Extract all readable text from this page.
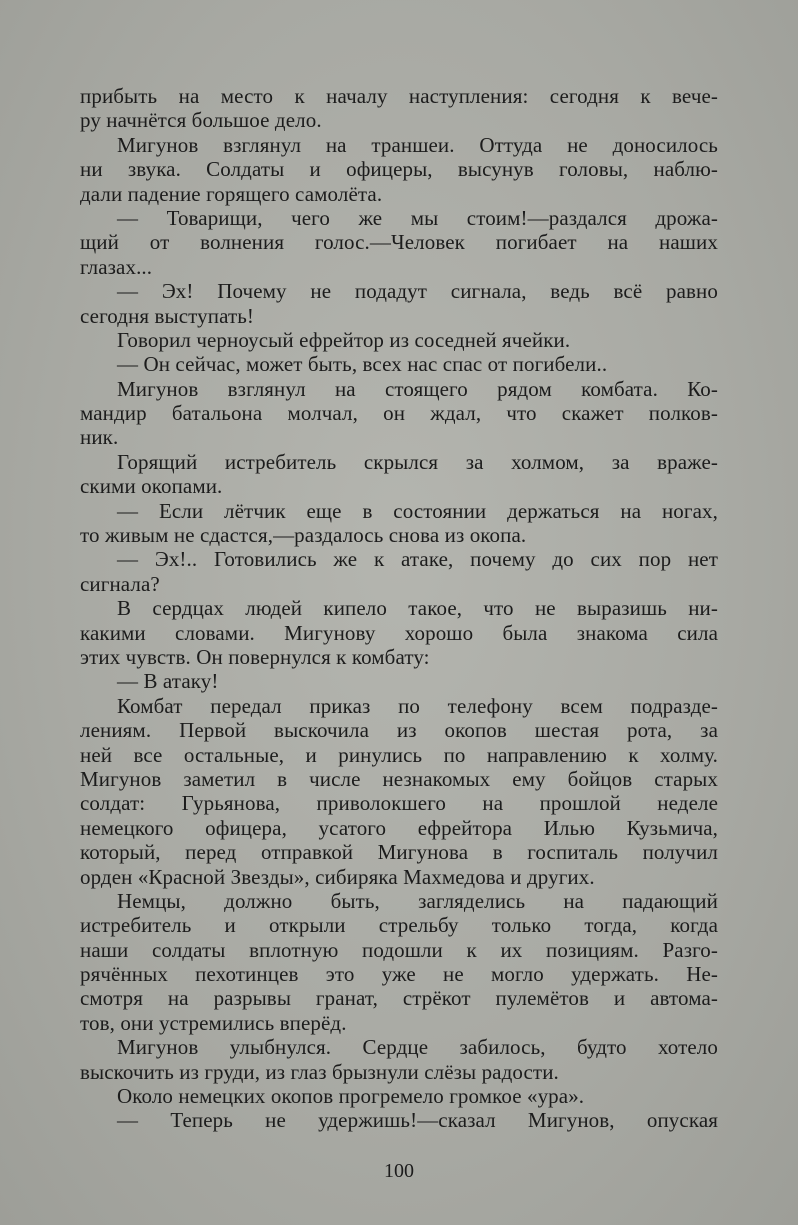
прибыть на место к началу наступления: сегодня к вече-
ру начнётся большое дело.
Мигунов взглянул на траншеи. Оттуда не доносилось
ни звука. Солдаты и офицеры, высунув головы, наблю-
дали падение горящего самолёта.
— Товарищи, чего же мы стоим!—раздался дрожа-
щий от волнения голос.—Человек погибает на наших
глазах...
— Эх! Почему не подадут сигнала, ведь всё равно
сегодня выступать!
Говорил черноусый ефрейтор из соседней ячейки.
— Он сейчас, может быть, всех нас спас от погибели..
Мигунов взглянул на стоящего рядом комбата. Ко-
мандир батальона молчал, он ждал, что скажет полков-
ник.
Горящий истребитель скрылся за холмом, за враже-
скими окопами.
— Если лётчик еще в состоянии держаться на ногах,
то живым не сдастся,—раздалось снова из окопа.
— Эх!.. Готовились же к атаке, почему до сих пор нет
сигнала?
В сердцах людей кипело такое, что не выразишь ни-
какими словами. Мигунову хорошо была знакома сила
этих чувств. Он повернулся к комбату:
— В атаку!
Комбат передал приказ по телефону всем подразде-
лениям. Первой выскочила из окопов шестая рота, за
ней все остальные, и ринулись по направлению к холму.
Мигунов заметил в числе незнакомых ему бойцов старых
солдат: Гурьянова, приволокшего на прошлой неделе
немецкого офицера, усатого ефрейтора Илью Кузьмича,
который, перед отправкой Мигунова в госпиталь получил
орден «Красной Звезды», сибиряка Махмедова и других.
Немцы, должно быть, загляделись на падающий
истребитель и открыли стрельбу только тогда, когда
наши солдаты вплотную подошли к их позициям. Разго-
рячённых пехотинцев это уже не могло удержать. Не-
смотря на разрывы гранат, стрёкот пулемётов и автома-
тов, они устремились вперёд.
Мигунов улыбнулся. Сердце забилось, будто хотело
выскочить из груди, из глаз брызнули слёзы радости.
Около немецких окопов прогремело громкое «ура».
— Теперь не удержишь!—сказал Мигунов, опуская
100
